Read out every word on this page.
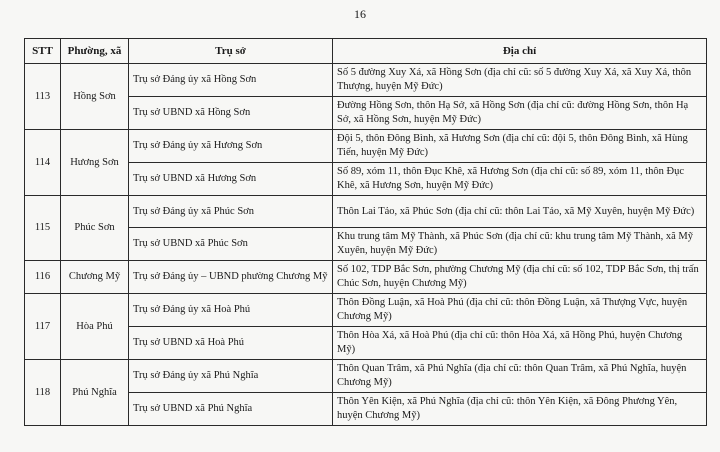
16
STT	Phường, xã	Trụ sở	Địa chỉ
113	Hồng Sơn	Trụ sở Đảng ủy xã Hồng Sơn	Số 5 đường Xuy Xá, xã Hồng Sơn (địa chỉ cũ: số 5 đường Xuy Xá, xã Xuy Xá, thôn Thượng, huyện Mỹ Đức)
		Trụ sở UBND xã Hồng Sơn	Đường Hồng Sơn, thôn Hạ Sở, xã Hồng Sơn (địa chỉ cũ: đường Hồng Sơn, thôn Hạ Sở, xã Hồng Sơn, huyện Mỹ Đức)
114	Hương Sơn	Trụ sở Đảng ủy xã Hương Sơn	Đội 5, thôn Đông Bình, xã Hương Sơn (địa chỉ cũ: đội 5, thôn Đông Bình, xã Hùng Tiến, huyện Mỹ Đức)
		Trụ sở UBND xã Hương Sơn	Số 89, xóm 11, thôn Đục Khê, xã Hương Sơn (địa chỉ cũ: số 89, xóm 11, thôn Đục Khê, xã Hương Sơn, huyện Mỹ Đức)
115	Phúc Sơn	Trụ sở Đảng ủy xã Phúc Sơn	Thôn Lai Tảo, xã Phúc Sơn (địa chỉ cũ: thôn Lai Tảo, xã Mỹ Xuyên, huyện Mỹ Đức)
		Trụ sở UBND xã Phúc Sơn	Khu trung tâm Mỹ Thành, xã Phúc Sơn (địa chỉ cũ: khu trung tâm Mỹ Thành, xã Mỹ Xuyên, huyện Mỹ Đức)
116	Chương Mỹ	Trụ sở Đảng ủy – UBND phường Chương Mỹ	Số 102, TDP Bắc Sơn, phường Chương Mỹ (địa chỉ cũ: số 102, TDP Bắc Sơn, thị trấn Chúc Sơn, huyện Chương Mỹ)
117	Hòa Phú	Trụ sở Đảng ủy xã Hoà Phú	Thôn Đồng Luận, xã Hoà Phú (địa chỉ cũ: thôn Đồng Luận, xã Thượng Vực, huyện Chương Mỹ)
		Trụ sở UBND xã Hoà Phú	Thôn Hòa Xá, xã Hoà Phú (địa chỉ cũ: thôn Hòa Xá, xã Hồng Phú, huyện Chương Mỹ)
118	Phú Nghĩa	Trụ sở Đảng ủy xã Phú Nghĩa	Thôn Quan Trâm, xã Phú Nghĩa (địa chỉ cũ: thôn Quan Trâm, xã Phú Nghĩa, huyện Chương Mỹ)
		Trụ sở UBND xã Phú Nghĩa	Thôn Yên Kiện, xã Phú Nghĩa (địa chỉ cũ: thôn Yên Kiện, xã Đông Phương Yên, huyện Chương Mỹ)
